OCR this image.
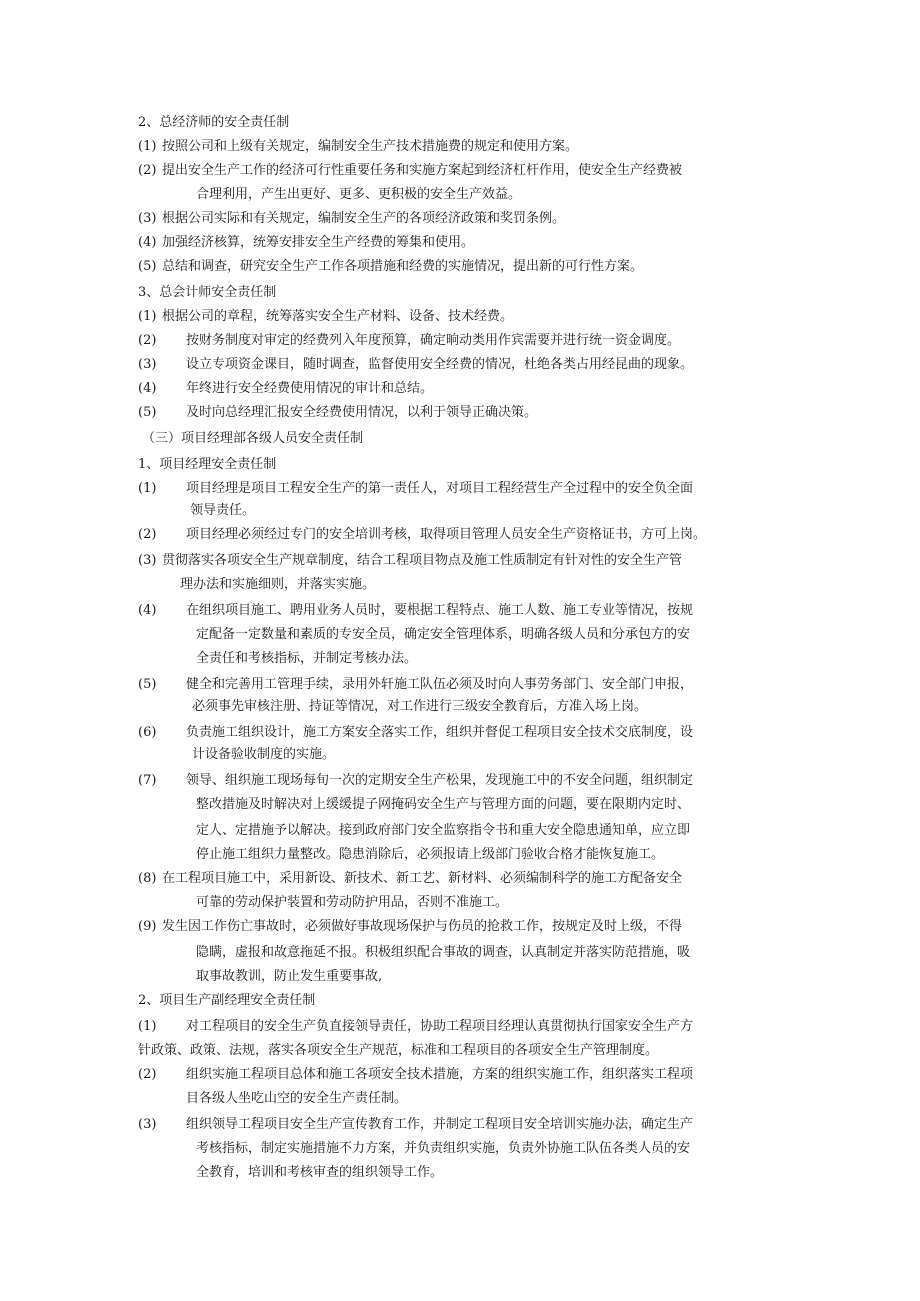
2、总经济师的安全责任制
(1) 按照公司和上级有关规定，编制安全生产技术措施费的规定和使用方案。
(2) 提出安全生产工作的经济可行性重要任务和实施方案起到经济杠杆作用，使安全生产经费被
合理利用，产生出更好、更多、更积极的安全生产效益。
(3) 根据公司实际和有关规定，编制安全生产的各项经济政策和奖罚条例。
(4) 加强经济核算，统筹安排安全生产经费的筹集和使用。
(5) 总结和调查，研究安全生产工作各项措施和经费的实施情况，提出新的可行性方案。
3、总会计师安全责任制
(1) 根据公司的章程，统筹落实安全生产材料、设备、技术经费。
(2) 按财务制度对审定的经费列入年度预算，确定晌动类用作宾需要并进行统一资金调度。
(3) 设立专项资金课目，随时调查，监督使用安全经费的情况，杜绝各类占用经昆曲的现象。
(4) 年终进行安全经费使用情况的审计和总结。
(5) 及时向总经理汇报安全经费使用情况，以利于领导正确决策。
（三）项目经理部各级人员安全责任制
1、项目经理安全责任制
(1) 项目经理是项目工程安全生产的第一责任人，对项目工程经营生产全过程中的安全负全面
领导责任。
(2) 项目经理必须经过专门的安全培训考核，取得项目管理人员安全生产资格证书，方可上岗。
(3) 贯彻落实各项安全生产规章制度，结合工程项目物点及施工性质制定有针对性的安全生产管
理办法和实施细则，并落实实施。
(4) 在组织项目施工、聘用业务人员时，要根据工程特点、施工人数、施工专业等情况，按规
定配备一定数量和素质的专安全员，确定安全管理体系，明确各级人员和分承包方的安
全责任和考核指标，并制定考核办法。
(5) 健全和完善用工管理手续，录用外轩施工队伍必须及时向人事劳务部门、安全部门申报，
必须事先审核注册、持证等情况，对工作进行三级安全教育后，方准入场上岗。
(6) 负责施工组织设计，施工方案安全落实工作，组织并督促工程项目安全技术交底制度，设
计设备验收制度的实施。
(7) 领导、组织施工现场每旬一次的定期安全生产松果，发现施工中的不安全问题，组织制定
整改措施及时解决对上缓缓提子网掩码安全生产与管理方面的问题，要在限期内定时、
定人、定措施予以解决。接到政府部门安全监察指令书和重大安全隐患通知单，应立即
停止施工组织力量整改。隐患消除后，必须报请上级部门验收合格才能恢复施工。
(8) 在工程项目施工中，采用新设、新技术、新工艺、新材料、必须编制科学的施工方配备安全
可靠的劳动保护装置和劳动防护用品，否则不准施工。
(9) 发生因工作伤亡事故时，必须做好事故现场保护与伤员的抢救工作，按规定及时上级，不得
隐瞒，虚报和故意拖延不报。积极组织配合事故的调查，认真制定并落实防范措施，吸
取事故教训，防止发生重要事故,
2、项目生产副经理安全责任制
(1) 对工程项目的安全生产负直接领导责任，协助工程项目经理认真贯彻执行国家安全生产方
针政策、政策、法规，落实各项安全生产规范，标准和工程项目的各项安全生产管理制度。
(2) 组织实施工程项目总体和施工各项安全技术措施，方案的组织实施工作，组织落实工程项
目各级人坐吃山空的安全生产责任制。
(3) 组织领导工程项目安全生产宣传教育工作，并制定工程项目安全培训实施办法，确定生产
考核指标，制定实施措施不力方案，并负责组织实施，负责外协施工队伍各类人员的安
全教育，培训和考核审查的组织领导工作。
